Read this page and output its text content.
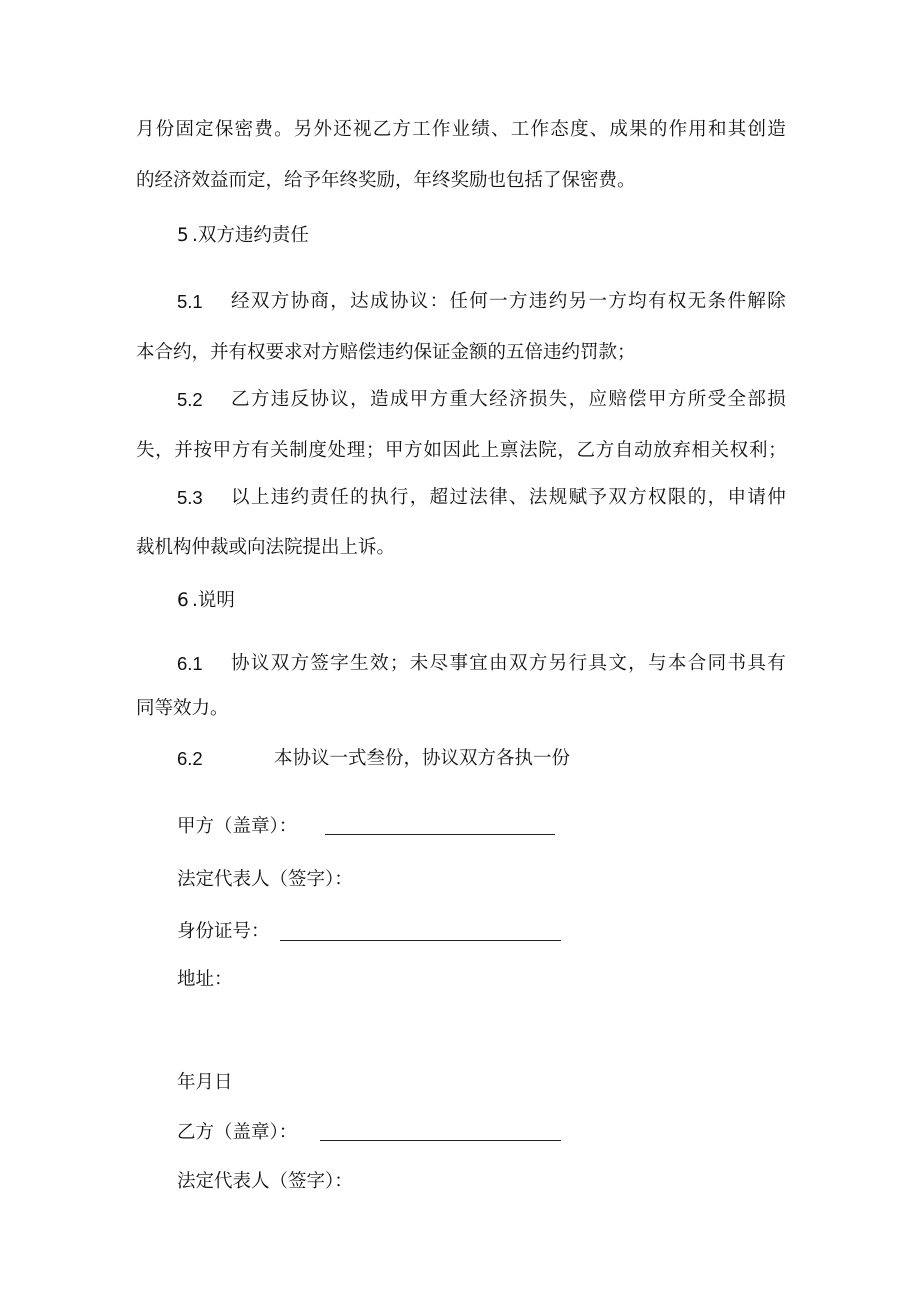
月份固定保密费。另外还视乙方工作业绩、工作态度、成果的作用和其创造
的经济效益而定，给予年终奖励，年终奖励也包括了保密费。
5 .双方违约责任
5.1 经双方协商，达成协议：任何一方违约另一方均有权无条件解除
本合约，并有权要求对方赔偿违约保证金额的五倍违约罚款；
5.2 乙方违反协议，造成甲方重大经济损失，应赔偿甲方所受全部损
失，并按甲方有关制度处理；甲方如因此上禀法院，乙方自动放弃相关权利；
5.3 以上违约责任的执行，超过法律、法规赋予双方权限的，申请仲
裁机构仲裁或向法院提出上诉。
6 .说明
6.1 协议双方签字生效；未尽事宜由双方另行具文，与本合同书具有
同等效力。
6.2	本协议一式叁份，协议双方各执一份
甲方（盖章）：
法定代表人（签字）：
身份证号：
地址：
年月日
乙方（盖章）：
法定代表人（签字）：
